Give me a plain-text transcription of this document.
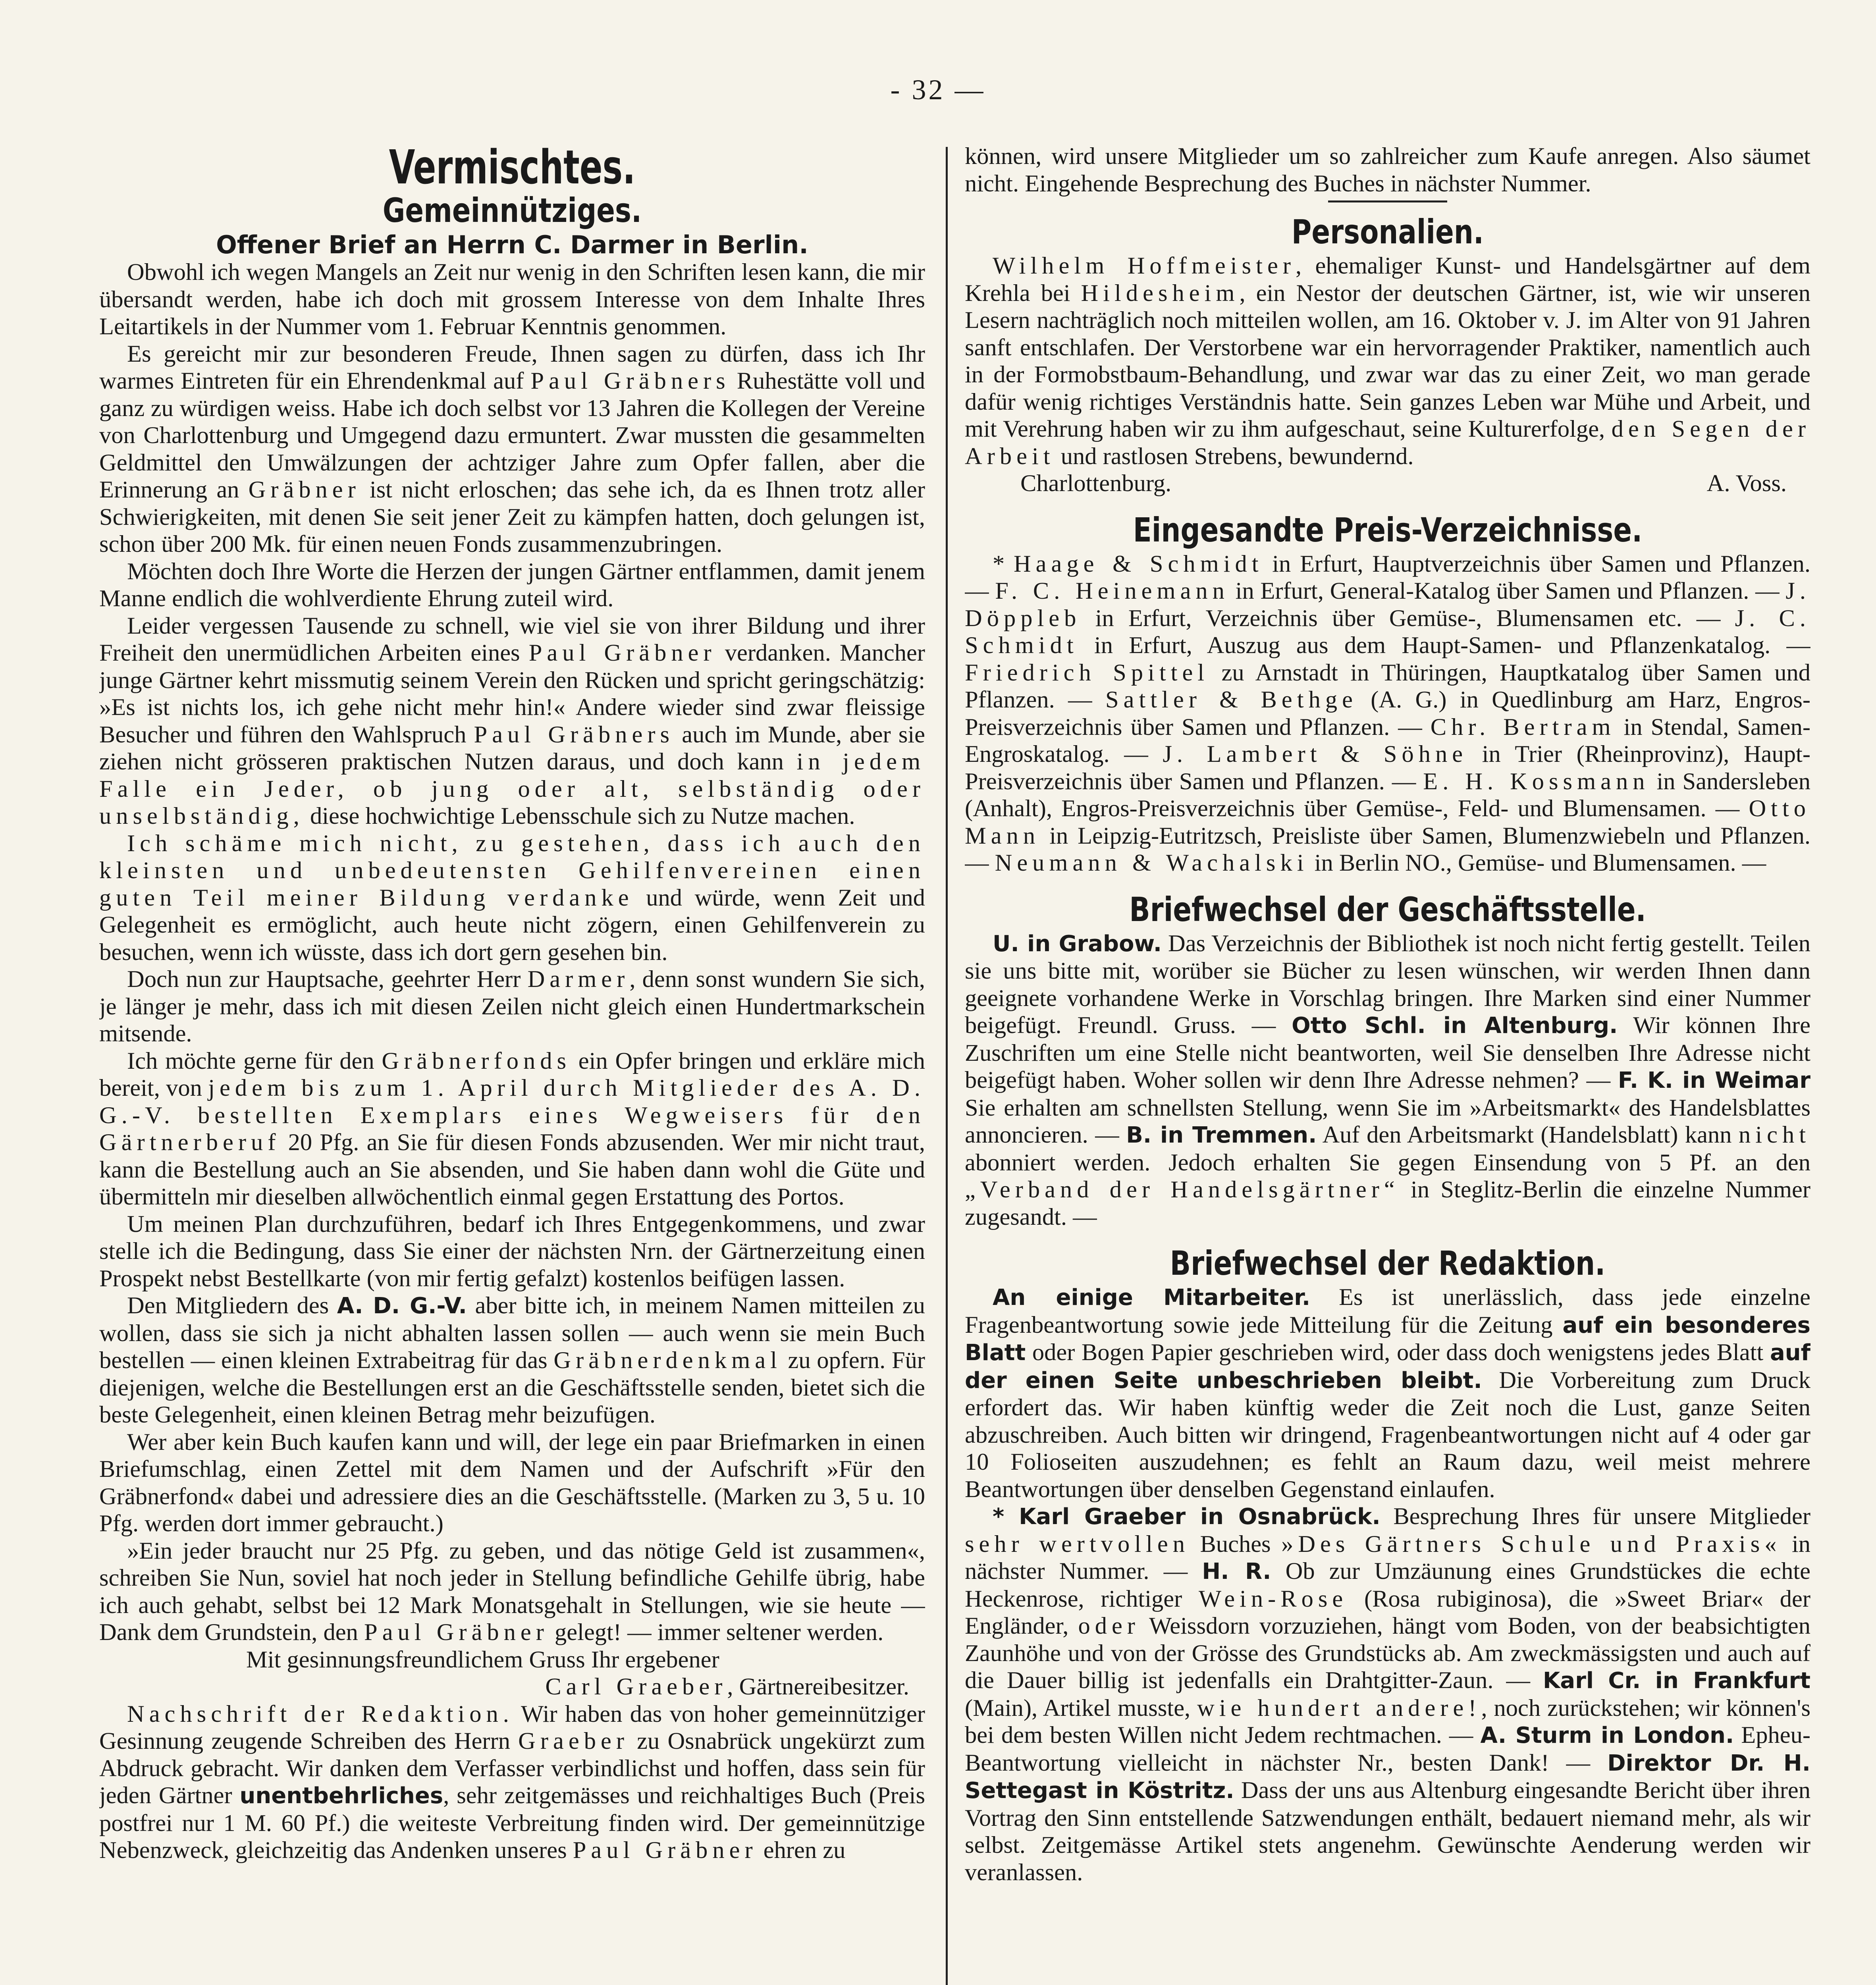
- 32 —
Vermischtes.
Gemeinnütziges.
Offener Brief an Herrn C. Darmer in Berlin.

Obwohl ich wegen Mangels an Zeit nur wenig in den Schriften lesen kann, die mir übersandt werden, habe ich doch mit grossem Interesse von dem Inhalte Ihres Leitartikels in der Nummer vom 1. Februar Kenntnis genommen.

Es gereicht mir zur besonderen Freude, Ihnen sagen zu dürfen, dass ich Ihr warmes Eintreten für ein Ehrendenkmal auf Paul Gräbners Ruhestätte voll und ganz zu würdigen weiss. Habe ich doch selbst vor 13 Jahren die Kollegen der Vereine von Charlottenburg und Umgegend dazu ermuntert. Zwar mussten die gesammelten Geldmittel den Umwälzungen der achtziger Jahre zum Opfer fallen, aber die Erinnerung an Gräbner ist nicht erloschen; das sehe ich, da es Ihnen trotz aller Schwierigkeiten, mit denen Sie seit jener Zeit zu kämpfen hatten, doch gelungen ist, schon über 200 Mk. für einen neuen Fonds zusammenzubringen.

Möchten doch Ihre Worte die Herzen der jungen Gärtner entflammen, damit jenem Manne endlich die wohlverdiente Ehrung zuteil wird.

Leider vergessen Tausende zu schnell, wie viel sie von ihrer Bildung und ihrer Freiheit den unermüdlichen Arbeiten eines Paul Gräbner verdanken. Mancher junge Gärtner kehrt missmutig seinem Verein den Rücken und spricht geringschätzig: »Es ist nichts los, ich gehe nicht mehr hin!« Andere wieder sind zwar fleissige Besucher und führen den Wahlspruch Paul Gräbners auch im Munde, aber sie ziehen nicht grösseren praktischen Nutzen daraus, und doch kann in jedem Falle ein Jeder, ob jung oder alt, selbständig oder unselbständig, diese hochwichtige Lebensschule sich zu Nutze machen.

Ich schäme mich nicht, zu gestehen, dass ich auch den kleinsten und unbedeutensten Gehilfenvereinen einen guten Teil meiner Bildung verdanke und würde, wenn Zeit und Gelegenheit es ermöglicht, auch heute nicht zögern, einen Gehilfenverein zu besuchen, wenn ich wüsste, dass ich dort gern gesehen bin.

Doch nun zur Hauptsache, geehrter Herr Darmer, denn sonst wundern Sie sich, je länger je mehr, dass ich mit diesen Zeilen nicht gleich einen Hundertmarkschein mitsende.

Ich möchte gerne für den Gräbnerfonds ein Opfer bringen und erkläre mich bereit, von jedem bis zum 1. April durch Mitglieder des A. D. G.-V. bestellten Exemplars eines Wegweisers für den Gärtnerberuf 20 Pfg. an Sie für diesen Fonds abzusenden. Wer mir nicht traut, kann die Bestellung auch an Sie absenden, und Sie haben dann wohl die Güte und übermitteln mir dieselben allwöchentlich einmal gegen Erstattung des Portos.

Um meinen Plan durchzuführen, bedarf ich Ihres Entgegenkommens, und zwar stelle ich die Bedingung, dass Sie einer der nächsten Nrn. der Gärtnerzeitung einen Prospekt nebst Bestellkarte (von mir fertig gefalzt) kostenlos beifügen lassen.

Den Mitgliedern des A. D. G.-V. aber bitte ich, in meinem Namen mitteilen zu wollen, dass sie sich ja nicht abhalten lassen sollen — auch wenn sie mein Buch bestellen — einen kleinen Extrabeitrag für das Gräbnerdenkmal zu opfern. Für diejenigen, welche die Bestellungen erst an die Geschäftsstelle senden, bietet sich die beste Gelegenheit, einen kleinen Betrag mehr beizufügen.

Wer aber kein Buch kaufen kann und will, der lege ein paar Briefmarken in einen Briefumschlag, einen Zettel mit dem Namen und der Aufschrift »Für den Gräbnerfond« dabei und adressiere dies an die Geschäftsstelle. (Marken zu 3, 5 u. 10 Pfg. werden dort immer gebraucht.)

»Ein jeder braucht nur 25 Pfg. zu geben, und das nötige Geld ist zusammen«, schreiben Sie Nun, soviel hat noch jeder in Stellung befindliche Gehilfe übrig, habe ich auch gehabt, selbst bei 12 Mark Monatsgehalt in Stellungen, wie sie heute — Dank dem Grundstein, den Paul Gräbner gelegt! — immer seltener werden.

Mit gesinnungsfreundlichem Gruss Ihr ergebener

Carl Graeber, Gärtnereibesitzer.

Nachschrift der Redaktion. Wir haben das von hoher gemeinnütziger Gesinnung zeugende Schreiben des Herrn Graeber zu Osnabrück ungekürzt zum Abdruck gebracht. Wir danken dem Verfasser verbindlichst und hoffen, dass sein für jeden Gärtner unentbehrliches, sehr zeitgemässes und reichhaltiges Buch (Preis postfrei nur 1 M. 60 Pf.) die weiteste Verbreitung finden wird. Der gemeinnützige Nebenzweck, gleichzeitig das Andenken unseres Paul Gräbner ehren zu

können, wird unsere Mitglieder um so zahlreicher zum Kaufe anregen. Also säumet nicht. Eingehende Besprechung des Buches in nächster Nummer.

Personalien.

Wilhelm Hoffmeister, ehemaliger Kunst- und Handelsgärtner auf dem Krehla bei Hildesheim, ein Nestor der deutschen Gärtner, ist, wie wir unseren Lesern nachträglich noch mitteilen wollen, am 16. Oktober v. J. im Alter von 91 Jahren sanft entschlafen. Der Verstorbene war ein hervorragender Praktiker, namentlich auch in der Formobstbaum-Behandlung, und zwar war das zu einer Zeit, wo man gerade dafür wenig richtiges Verständnis hatte. Sein ganzes Leben war Mühe und Arbeit, und mit Verehrung haben wir zu ihm aufgeschaut, seine Kulturerfolge, den Segen der Arbeit und rastlosen Strebens, bewundernd.

Charlottenburg.	A. Voss.
Eingesandte Preis-Verzeichnisse.

* Haage & Schmidt in Erfurt, Hauptverzeichnis über Samen und Pflanzen. — F. C. Heinemann in Erfurt, General-Katalog über Samen und Pflanzen. — J. Döppleb in Erfurt, Verzeichnis über Gemüse-, Blumensamen etc. — J. C. Schmidt in Erfurt, Auszug aus dem Haupt-Samen- und Pflanzenkatalog. — Friedrich Spittel zu Arnstadt in Thüringen, Hauptkatalog über Samen und Pflanzen. — Sattler & Bethge (A. G.) in Quedlinburg am Harz, Engros-Preisverzeichnis über Samen und Pflanzen. — Chr. Bertram in Stendal, Samen-Engroskatalog. — J. Lambert & Söhne in Trier (Rheinprovinz), Haupt-Preisverzeichnis über Samen und Pflanzen. — E. H. Kossmann in Sandersleben (Anhalt), Engros-Preisverzeichnis über Gemüse-, Feld- und Blumensamen. — Otto Mann in Leipzig-Eutritzsch, Preisliste über Samen, Blumenzwiebeln und Pflanzen. — Neumann & Wachalski in Berlin NO., Gemüse- und Blumensamen. —

Briefwechsel der Geschäftsstelle.

U. in Grabow. Das Verzeichnis der Bibliothek ist noch nicht fertig gestellt. Teilen sie uns bitte mit, worüber sie Bücher zu lesen wünschen, wir werden Ihnen dann geeignete vorhandene Werke in Vorschlag bringen. Ihre Marken sind einer Nummer beigefügt. Freundl. Gruss. — Otto Schl. in Altenburg. Wir können Ihre Zuschriften um eine Stelle nicht beantworten, weil Sie denselben Ihre Adresse nicht beigefügt haben. Woher sollen wir denn Ihre Adresse nehmen? — F. K. in Weimar Sie erhalten am schnellsten Stellung, wenn Sie im »Arbeitsmarkt« des Handelsblattes annoncieren. — B. in Tremmen. Auf den Arbeitsmarkt (Handelsblatt) kann nicht abonniert werden. Jedoch erhalten Sie gegen Einsendung von 5 Pf. an den „Verband der Handelsgärtner“ in Steglitz-Berlin die einzelne Nummer zugesandt. —

Briefwechsel der Redaktion.

An einige Mitarbeiter. Es ist unerlässlich, dass jede einzelne Fragenbeantwortung sowie jede Mitteilung für die Zeitung auf ein besonderes Blatt oder Bogen Papier geschrieben wird, oder dass doch wenigstens jedes Blatt auf der einen Seite unbeschrieben bleibt. Die Vorbereitung zum Druck erfordert das. Wir haben künftig weder die Zeit noch die Lust, ganze Seiten abzuschreiben. Auch bitten wir dringend, Fragenbeantwortungen nicht auf 4 oder gar 10 Folioseiten auszudehnen; es fehlt an Raum dazu, weil meist mehrere Beantwortungen über denselben Gegenstand einlaufen.

* Karl Graeber in Osnabrück. Besprechung Ihres für unsere Mitglieder sehr wertvollen Buches »Des Gärtners Schule und Praxis« in nächster Nummer. — H. R. Ob zur Umzäunung eines Grundstückes die echte Heckenrose, richtiger Wein-Rose (Rosa rubiginosa), die »Sweet Briar« der Engländer, oder Weissdorn vorzuziehen, hängt vom Boden, von der beabsichtigten Zaunhöhe und von der Grösse des Grundstücks ab. Am zweckmässigsten und auch auf die Dauer billig ist jedenfalls ein Drahtgitter-Zaun. — Karl Cr. in Frankfurt (Main), Artikel musste, wie hundert andere!, noch zurückstehen; wir können's bei dem besten Willen nicht Jedem rechtmachen. — A. Sturm in London. Epheu-Beantwortung vielleicht in nächster Nr., besten Dank! — Direktor Dr. H. Settegast in Köstritz. Dass der uns aus Altenburg eingesandte Bericht über ihren Vortrag den Sinn entstellende Satzwendungen enthält, bedauert niemand mehr, als wir selbst. Zeitgemässe Artikel stets angenehm. Gewünschte Aenderung werden wir veranlassen.
